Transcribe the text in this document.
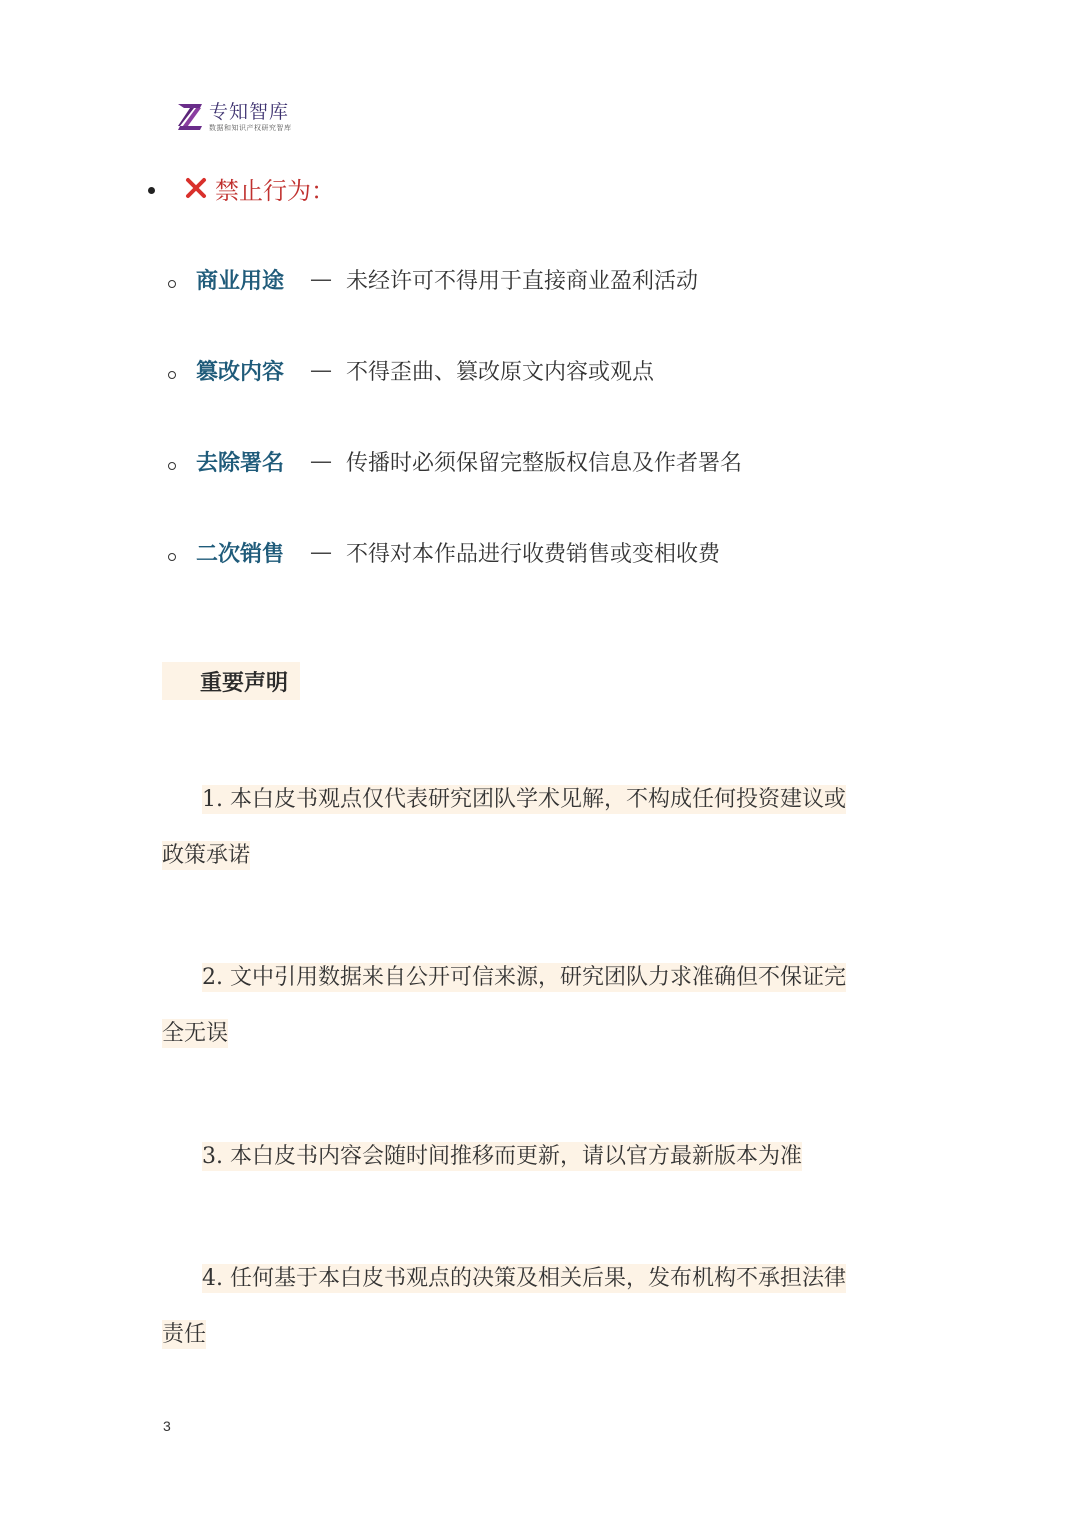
专知智库
数据和知识产权研究智库
禁止行为：
商业用途 — 未经许可不得用于直接商业盈利活动
篡改内容 — 不得歪曲、篡改原文内容或观点
去除署名 — 传播时必须保留完整版权信息及作者署名
二次销售 — 不得对本作品进行收费销售或变相收费
重要声明
1. 本白皮书观点仅代表研究团队学术见解，不构成任何投资建议或
政策承诺
2. 文中引用数据来自公开可信来源，研究团队力求准确但不保证完
全无误
3. 本白皮书内容会随时间推移而更新，请以官方最新版本为准
4. 任何基于本白皮书观点的决策及相关后果，发布机构不承担法律
责任
3
